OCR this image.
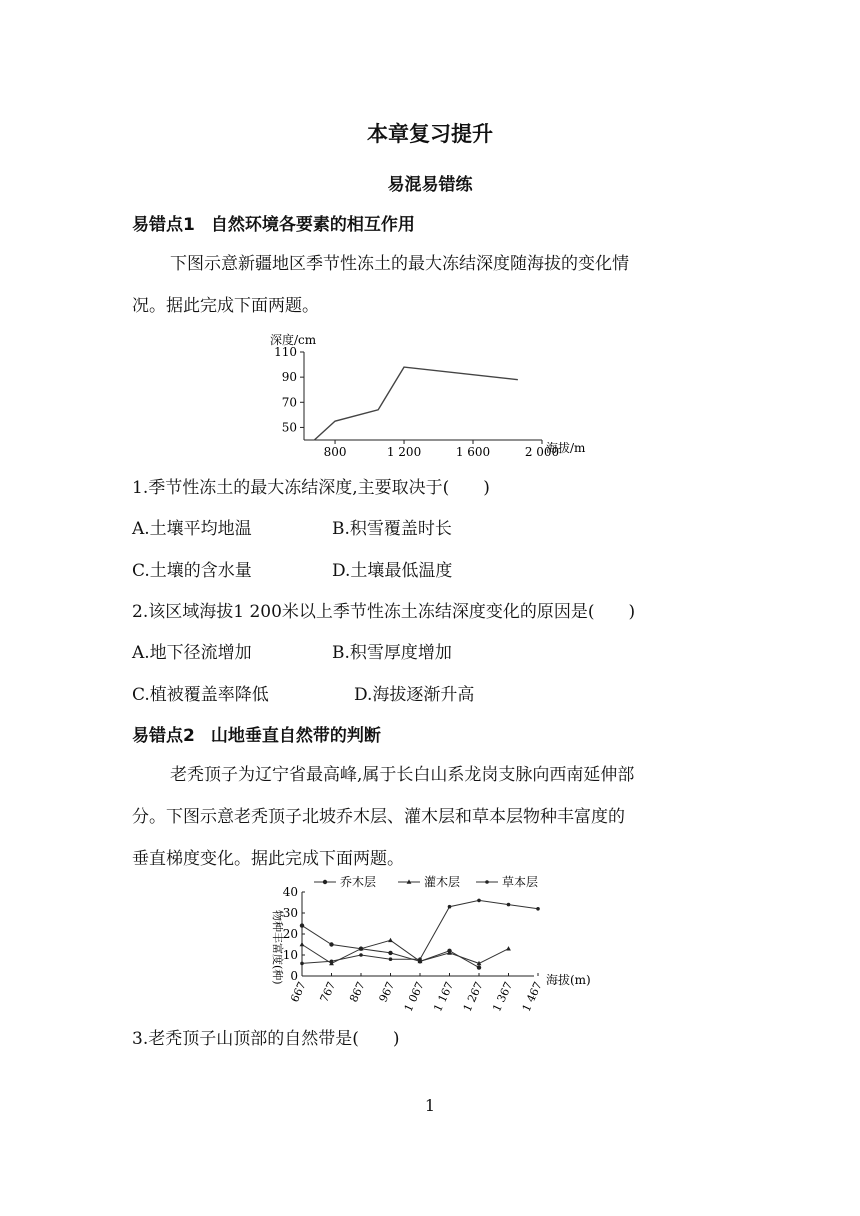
本章复习提升
易混易错练
易错点1 自然环境各要素的相互作用
下图示意新疆地区季节性冻土的最大冻结深度随海拔的变化情
况。据此完成下面两题。
深度/cm
50
70
90
110
800	1 200	1 600	2 000
海拔/m
1.季节性冻土的最大冻结深度,主要取决于(　　)
A.土壤平均地温	B.积雪覆盖时长
C.土壤的含水量	D.土壤最低温度
2.该区域海拔1 200米以上季节性冻土冻结深度变化的原因是(　　)
A.地下径流增加	B.积雪厚度增加
C.植被覆盖率降低	D.海拔逐渐升高
易错点2 山地垂直自然带的判断
老秃顶子为辽宁省最高峰,属于长白山系龙岗支脉向西南延伸部
分。下图示意老秃顶子北坡乔木层、灌木层和草本层物种丰富度的
垂直梯度变化。据此完成下面两题。
乔木层	灌木层	草本层
物种丰富度(种) 0
10
20
30
40
667 767 867 967 1 067 1 167 1 267 1 367 1 467 海拔(m)
3.老秃顶子山顶部的自然带是(　　)
1
